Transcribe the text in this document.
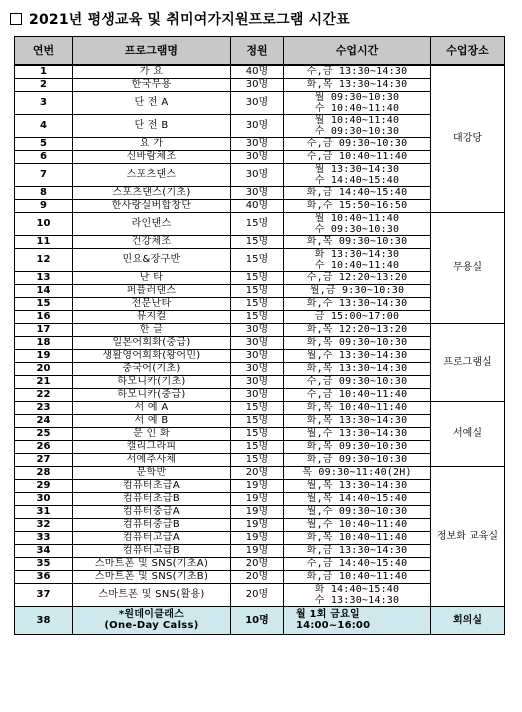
2021년 평생교육 및 취미여가지원프로그램 시간표
연번	프로그램명	정원	수업시간	수업장소
1	가 요	40명	수,금 13:30~14:30	대강당
2	한국무용	30명	화,목 13:30~14:30	

3	단 전 A	30명	월 09:30~10:30
수 10:40~11:40	

4	단 전 B	30명	월 10:40~11:40
수 09:30~10:30	

5	요 가	30명	수,금 09:30~10:30	

6	신바람체조	30명	수,금 10:40~11:40	

7	스포츠댄스	30명	월 13:30~14:30
수 14:40~15:40	

8	스포츠댄스(기초)	30명	화,금 14:40~15:40	

9	한사랑실버합창단	40명	화,수 15:50~16:50	

10	라인댄스	15명	월 10:40~11:40
수 09:30~10:30	무용실
11	건강체조	15명	화,목 09:30~10:30	

12	민요&장구반	15명	화 13:30~14:30
수 10:40~11:40	

13	난 타	15명	수,금 12:20~13:20	

14	퍼플러댄스	15명	월,금 9:30~10:30	

15	전문난타	15명	화,수 13:30~14:30	

16	뮤지컬	15명	금 15:00~17:00	

17	한 글	30명	화,목 12:20~13:20	프로그램실
18	일본어회화(중급)	30명	화,목 09:30~10:30	

19	생활영어회화(왕어민)	30명	월,수 13:30~14:30	

20	중국어(기초)	30명	화,목 13:30~14:30	

21	하모니카(기초)	30명	수,금 09:30~10:30	

22	하모니카(중급)	30명	수,금 10:40~11:40	

23	서 예 A	15명	화,목 10:40~11:40	서예실
24	서 예 B	15명	화,목 13:30~14:30	

25	문 인 화	15명	월,수 13:30~14:30	

26	캘리그라피	15명	화,목 09:30~10:30	

27	서예추사체	15명	화,금 09:30~10:30	

28	문학반	20명	목 09:30~11:40(2H)	정보화 교육실
29	컴퓨터초급A	19명	월,목 13:30~14:30	

30	컴퓨터초급B	19명	월,목 14:40~15:40	

31	컴퓨터중급A	19명	월,수 09:30~10:30	

32	컴퓨터중급B	19명	월,수 10:40~11:40	

33	컴퓨터고급A	19명	화,목 10:40~11:40	

34	컴퓨터고급B	19명	화,금 13:30~14:30	

35	스마트폰 및 SNS(기초A)	20명	수,금 14:40~15:40	

36	스마트폰 및 SNS(기초B)	20명	화,금 10:40~11:40	

37	스마트폰 및 SNS(활용)	20명	화 14:40~15:40
수 13:30~14:30	

38	*원데이클래스
(One-Day Calss)	10명	월 1회 금요일
14:00~16:00	회의실
